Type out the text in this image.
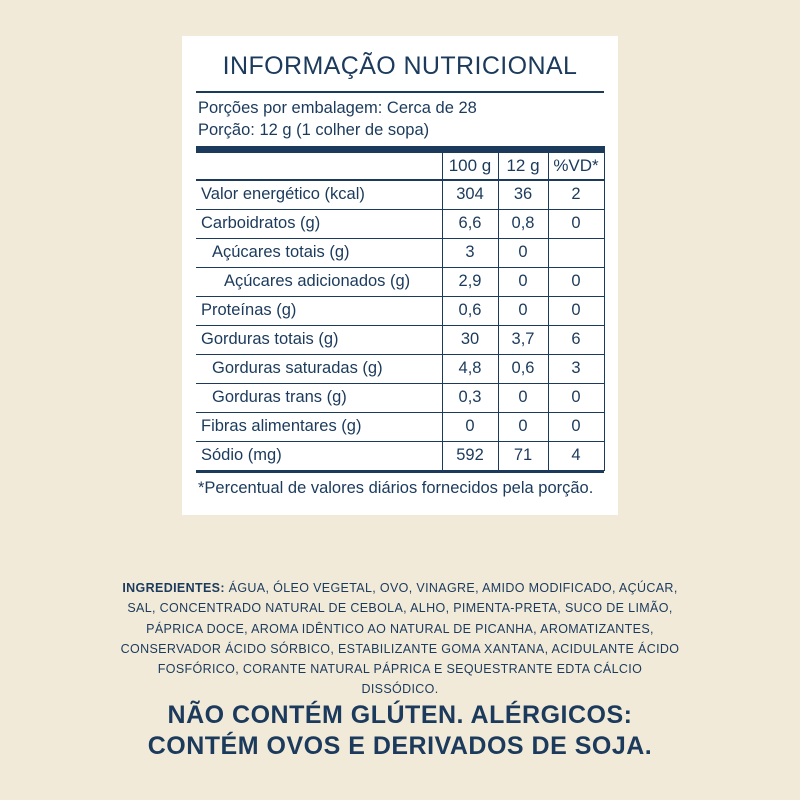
INFORMAÇÃO NUTRICIONAL
Porções por embalagem: Cerca de 28
Porção: 12 g (1 colher de sopa)
	100 g	12 g	%VD*
Valor energético (kcal)	304	36	2
Carboidratos (g)	6,6	0,8	0
Açúcares totais (g)	3	0	
Açúcares adicionados (g)	2,9	0	0
Proteínas (g)	0,6	0	0
Gorduras totais (g)	30	3,7	6
Gorduras saturadas (g)	4,8	0,6	3
Gorduras trans (g)	0,3	0	0
Fibras alimentares (g)	0	0	0
Sódio (mg)	592	71	4
*Percentual de valores diários fornecidos pela porção.
INGREDIENTES: ÁGUA, ÓLEO VEGETAL, OVO, VINAGRE, AMIDO MODIFICADO, AÇÚCAR, SAL, CONCENTRADO NATURAL DE CEBOLA, ALHO, PIMENTA-PRETA, SUCO DE LIMÃO, PÁPRICA DOCE, AROMA IDÊNTICO AO NATURAL DE PICANHA, AROMATIZANTES, CONSERVADOR ÁCIDO SÓRBICO, ESTABILIZANTE GOMA XANTANA, ACIDULANTE ÁCIDO FOSFÓRICO, CORANTE NATURAL PÁPRICA E SEQUESTRANTE EDTA CÁLCIO DISSÓDICO.
NÃO CONTÉM GLÚTEN. ALÉRGICOS:
CONTÉM OVOS E DERIVADOS DE SOJA.
